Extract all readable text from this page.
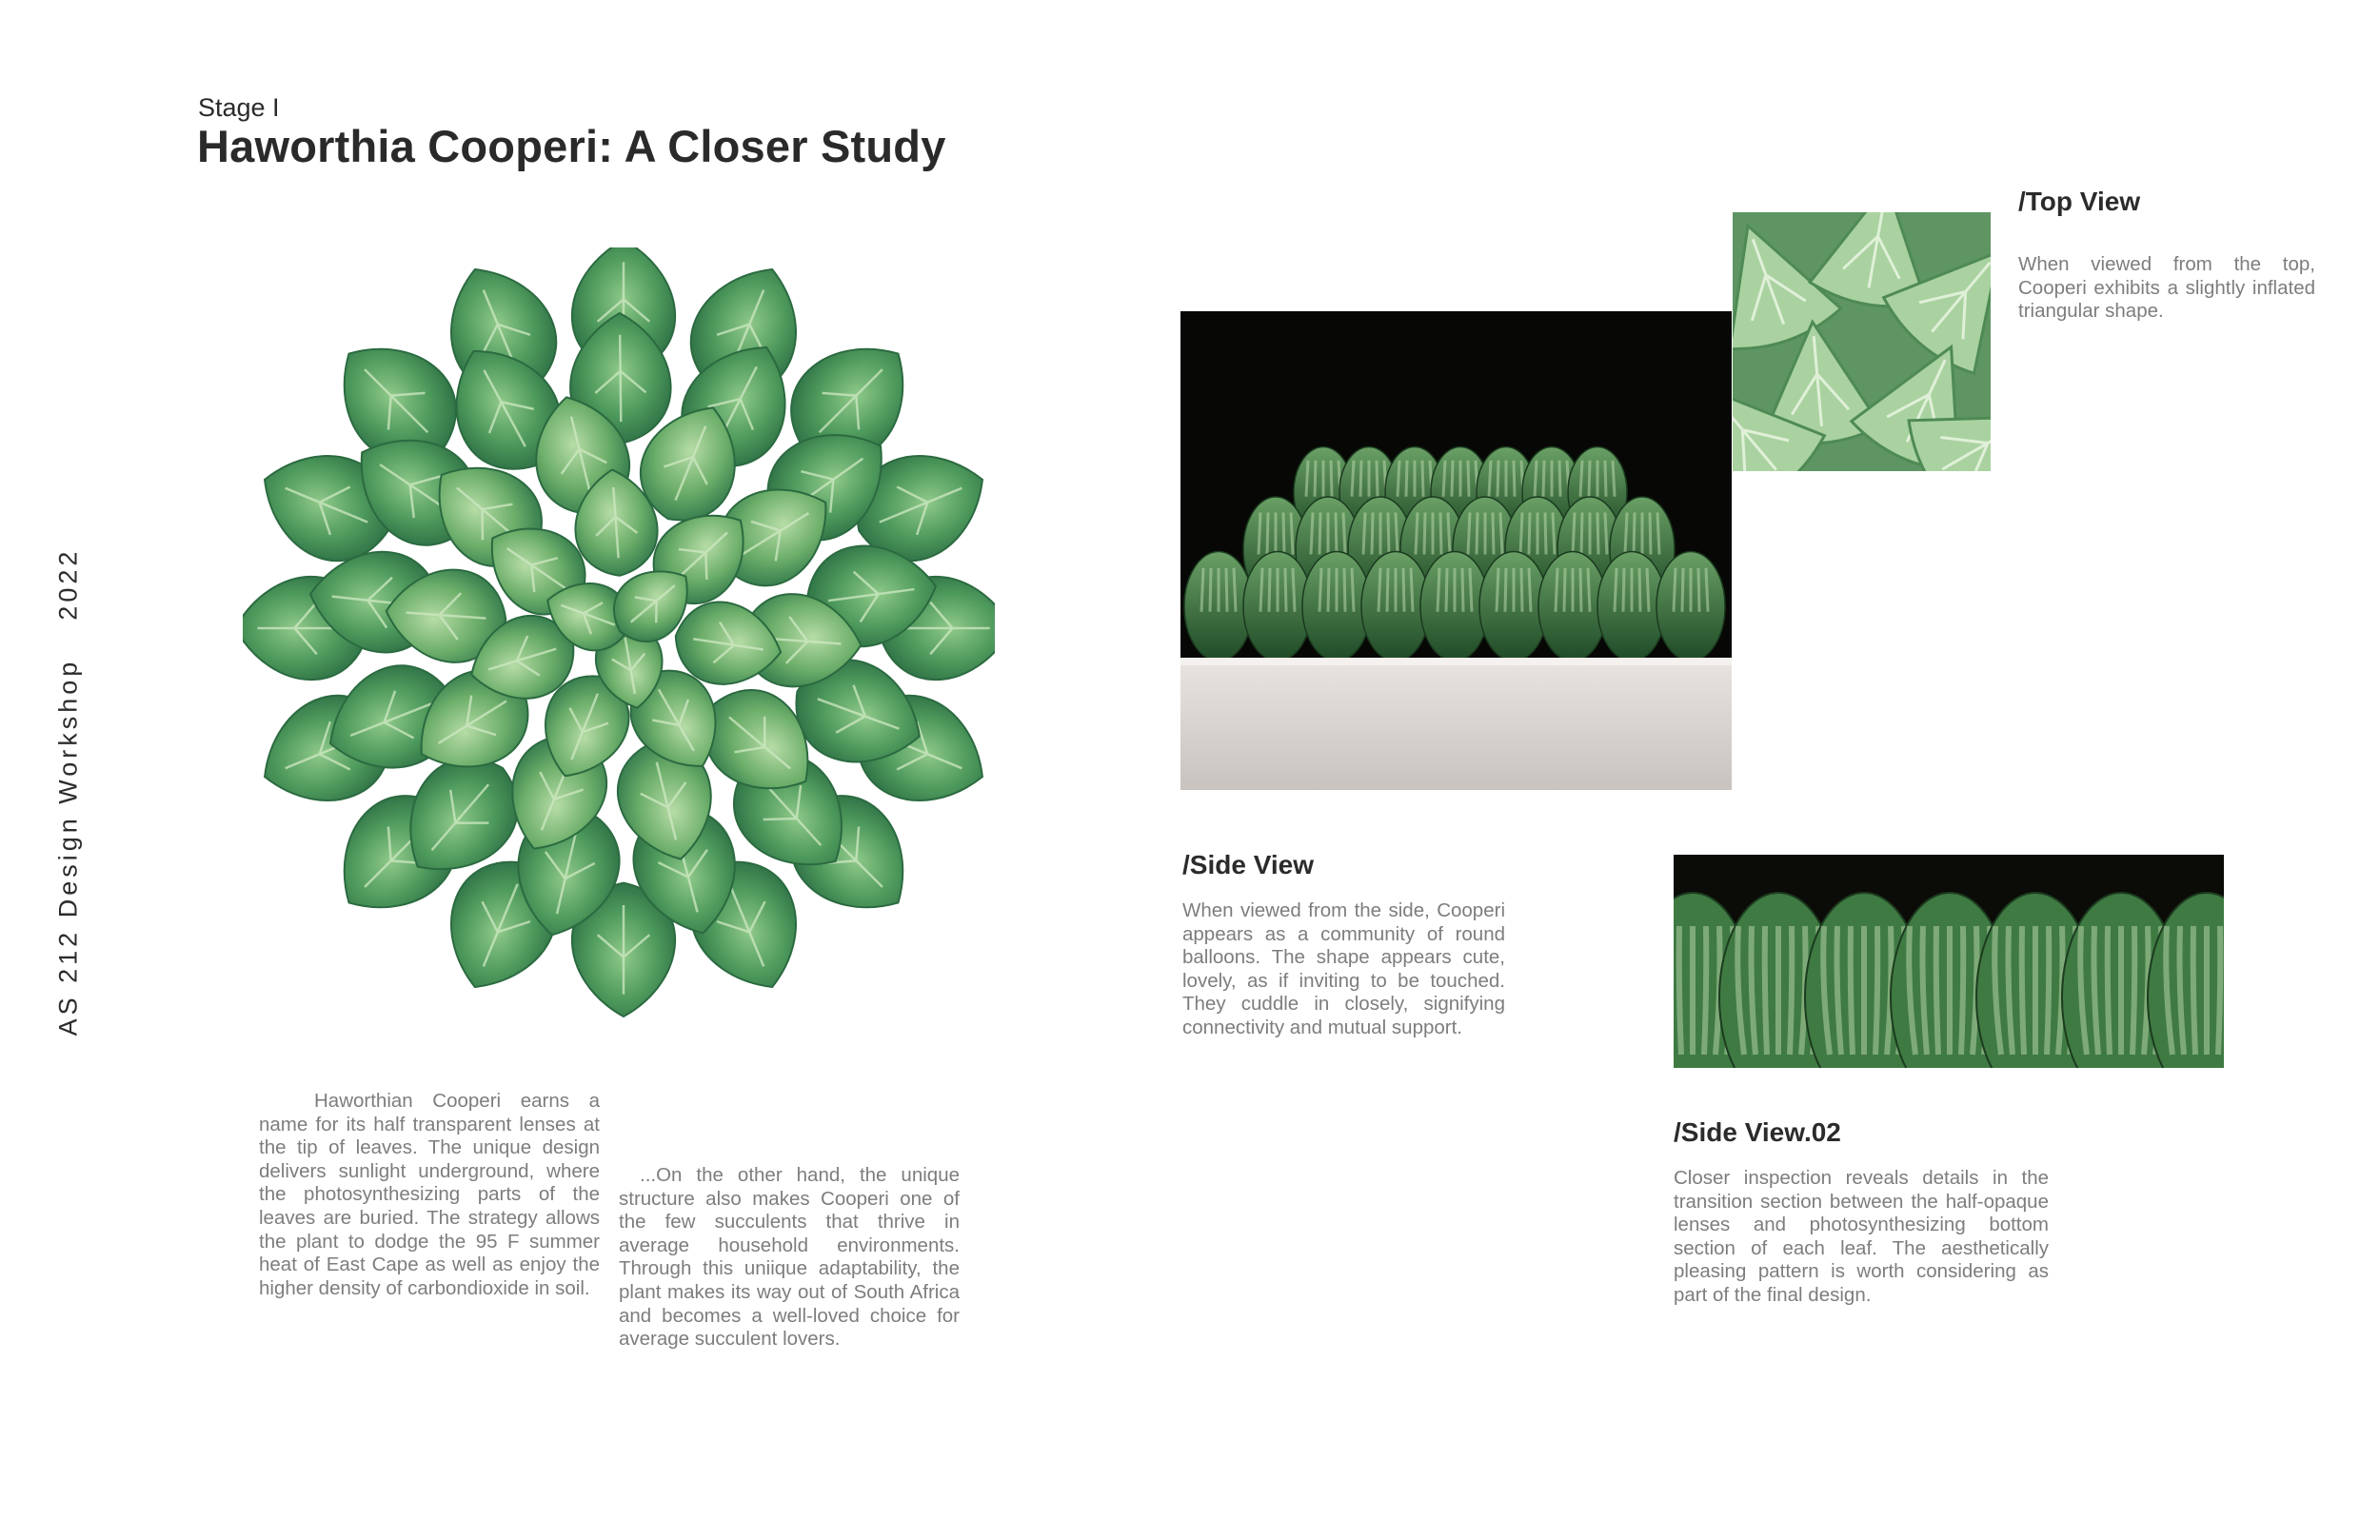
Stage I
Haworthia Cooperi: A Closer Study
AS 212 Design Workshop2022
Haworthian Cooperi earns a name for its half transparent lenses at the tip of leaves. The unique design delivers sunlight underground, where the photosynthesizing parts of the leaves are buried. The strategy allows the plant to dodge the 95 F summer heat of East Cape as well as enjoy the higher density of carbondioxide in soil.
...On the other hand, the unique structure also makes Cooperi one of the few succulents that thrive in average household environments. Through this uniique adaptability, the plant makes its way out of South Africa and becomes a well-loved choice for average succulent lovers.
/Top View
When viewed from the top, Cooperi exhibits a slightly inflated triangular shape.
/Side View
When viewed from the side, Cooperi appears as a community of round balloons. The shape appears cute, lovely, as if inviting to be touched. They cuddle in closely, signifying connectivity and mutual support.
/Side View.02
Closer inspection reveals details in the transition section between the half-opaque lenses and photosynthesizing bottom section of each leaf. The aesthetically pleasing pattern is worth considering as part of the final design.
